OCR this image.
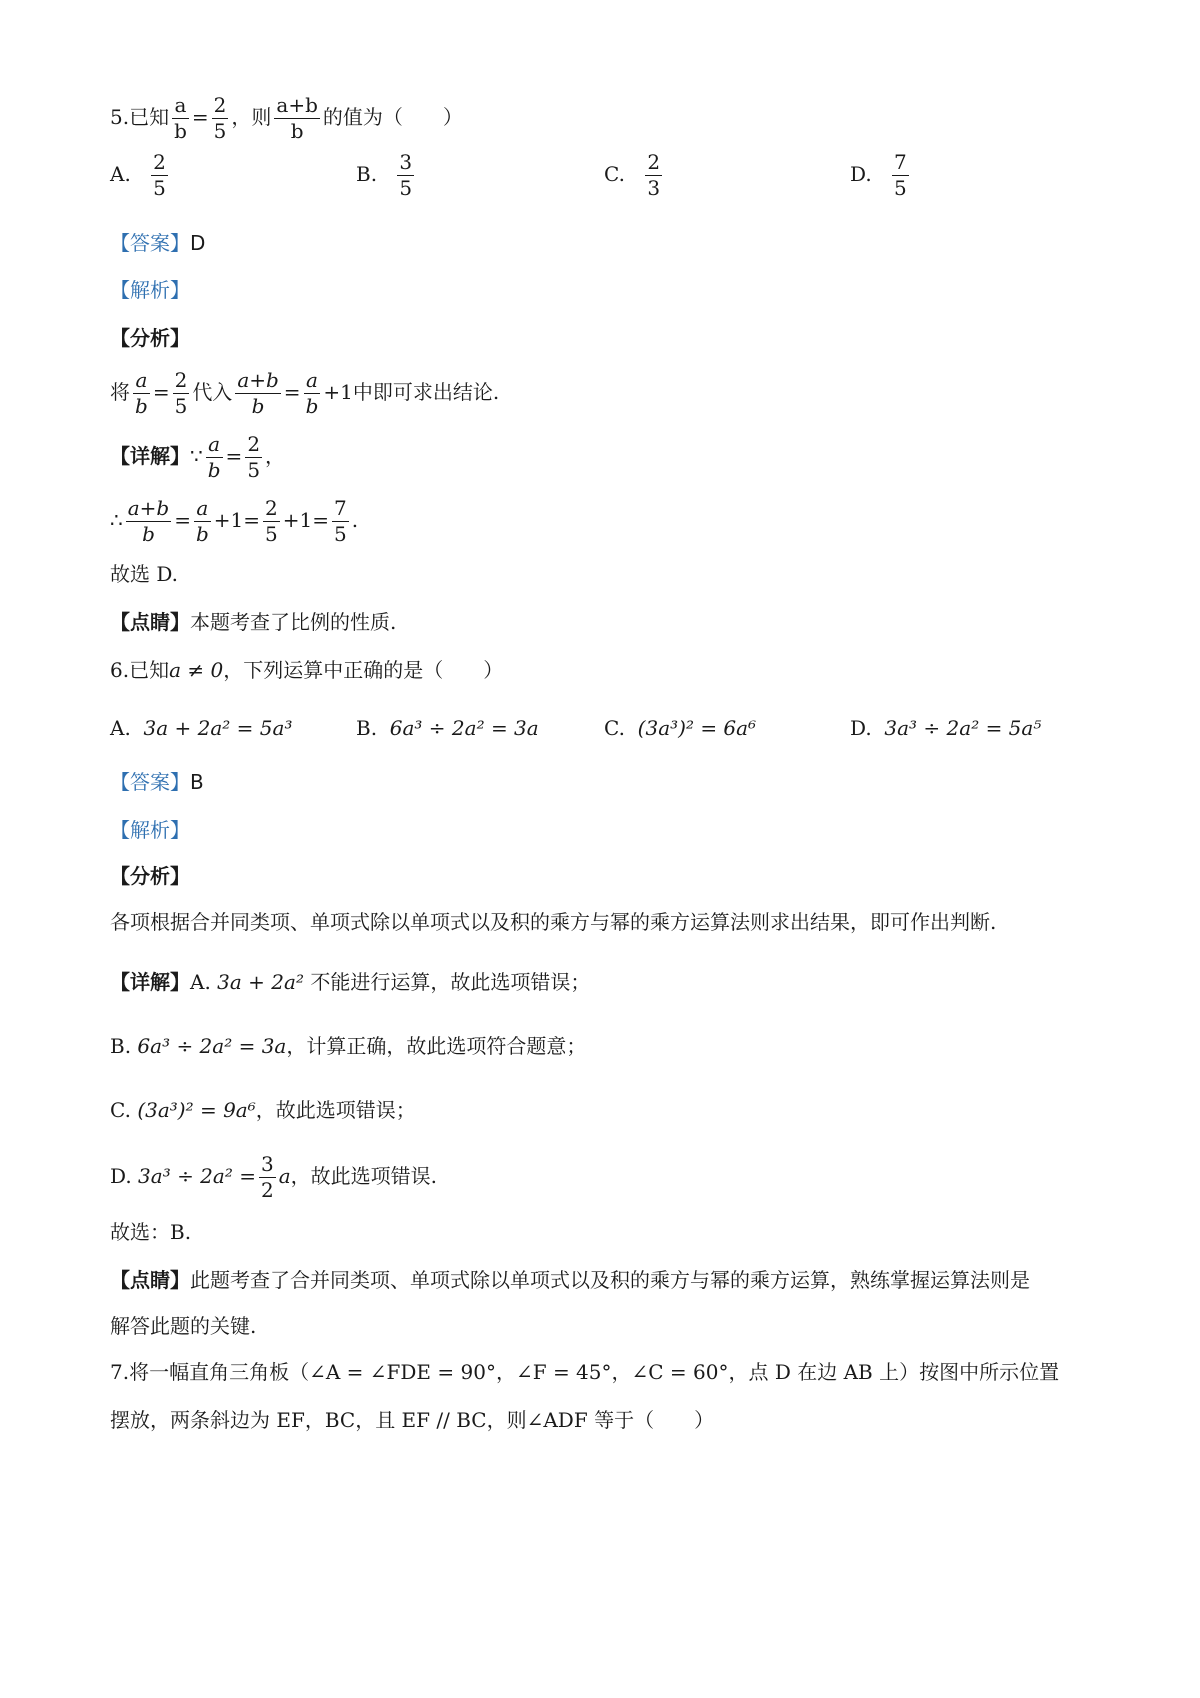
5.已知 $\frac{a}{b} = \frac{2}{5}$ ，则 $\frac{a+b}{b}$ 的值为（　　）
A. $\frac{2}{5}$	B. $\frac{3}{5}$	C. $\frac{2}{3}$	D. $\frac{7}{5}$
【答案】D
【解析】
【分析】
将 $\frac{a}{b} = \frac{2}{5}$ 代入 $\frac{a+b}{b} = \frac{a}{b} +1$中即可求出结论.
【详解】∵ $\frac{a}{b} = \frac{2}{5}$ ，
∴ $\frac{a+b}{b} = \frac{a}{b} +1= \frac{2}{5} +1= \frac{7}{5}$ .
故选 D.
【点睛】本题考查了比例的性质.
6.已知a ≠ 0，下列运算中正确的是（　　）
A. 3a + 2a² = 5a³	B. 6a³ ÷ 2a² = 3a	C. (3a³)² = 6a⁶	D. 3a³ ÷ 2a² = 5a⁵
【答案】B
【解析】
【分析】
各项根据合并同类项、单项式除以单项式以及积的乘方与幂的乘方运算法则求出结果，即可作出判断.
【详解】A. 3a + 2a² 不能进行运算，故此选项错误；
B. 6a³ ÷ 2a² = 3a，计算正确，故此选项符合题意；
C. (3a³)² = 9a⁶，故此选项错误；
D. $3a^3 \div 2a^2 = \frac{3}{2}$ a，故此选项错误.
故选：B.
【点睛】此题考查了合并同类项、单项式除以单项式以及积的乘方与幂的乘方运算，熟练掌握运算法则是
解答此题的关键.
7.将一幅直角三角板（∠A = ∠FDE = 90°，∠F = 45°，∠C = 60°，点 D 在边 AB 上）按图中所示位置
摆放，两条斜边为 EF，BC，且 EF // BC，则∠ADF 等于（　　）
